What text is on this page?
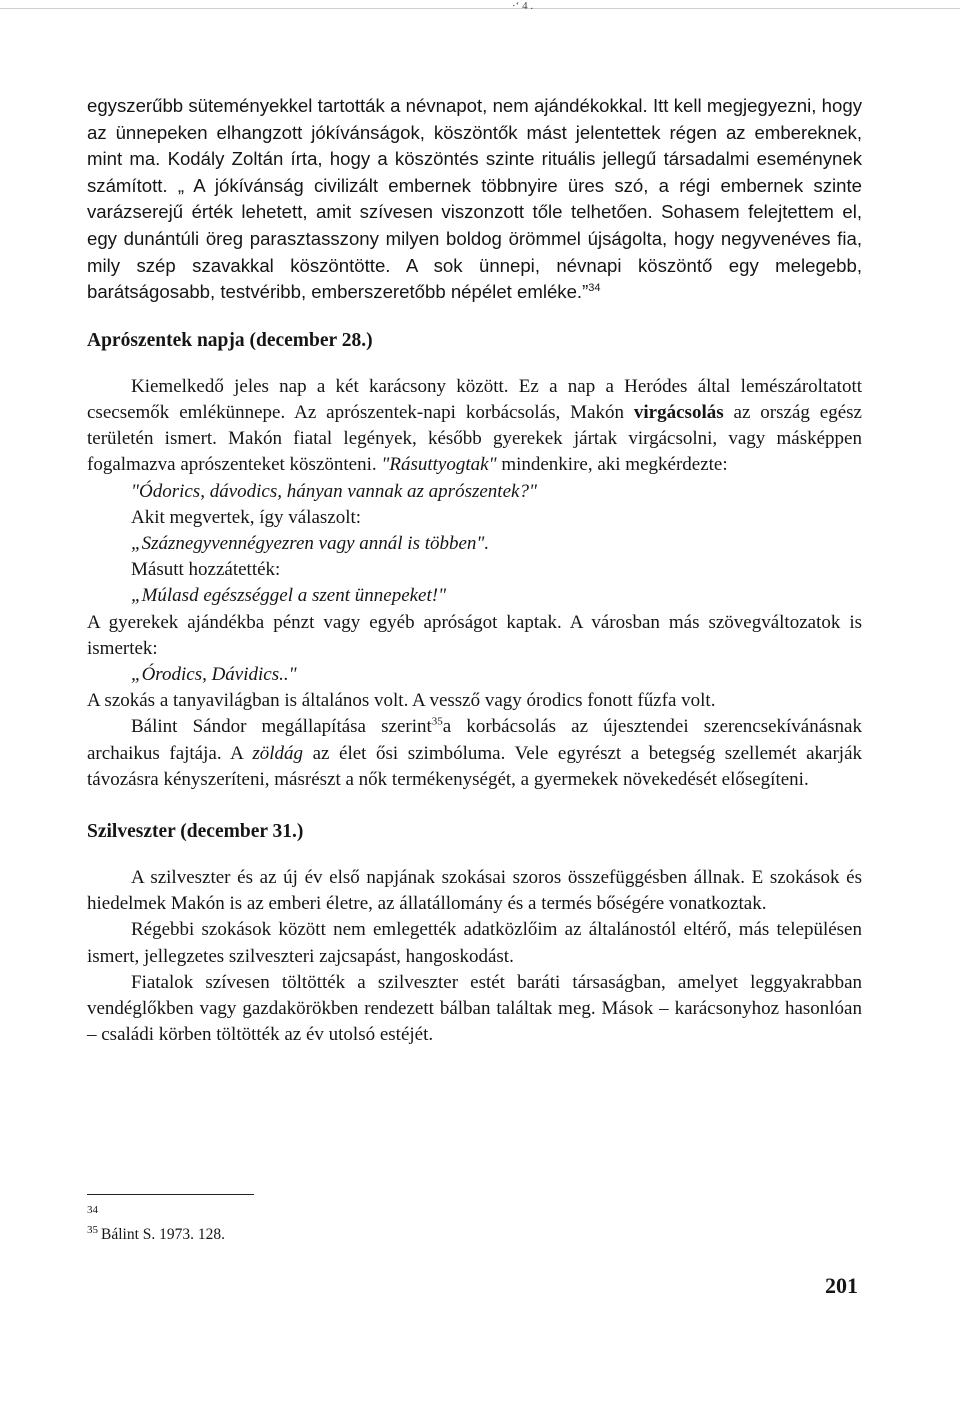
·‘ 4 .

egyszerűbb süteményekkel tartották a névnapot, nem ajándékokkal. Itt kell megjegyezni, hogy az ünnepeken elhangzott jókívánságok, köszöntők mást jelentettek régen az embereknek, mint ma. Kodály Zoltán írta, hogy a köszöntés szinte rituális jellegű társadalmi eseménynek számított. „ A jókívánság civilizált embernek többnyire üres szó, a régi embernek szinte varázserejű érték lehetett, amit szívesen viszonzott tőle telhetően. Sohasem felejtettem el, egy dunántúli öreg parasztasszony milyen boldog örömmel újságolta, hogy negyvenéves fia, mily szép szavakkal köszöntötte. A sok ünnepi, névnapi köszöntő egy melegebb, barátságosabb, testvéribb, emberszeretőbb népélet emléke.”$^{34}$

Aprószentek napja (december 28.)

Kiemelkedő jeles nap a két karácsony között. Ez a nap a Heródes által lemészároltatott csecsemők emlékünnepe. Az aprószentek-napi korbácsolás, Makón virgácsolás az ország egész területén ismert. Makón fiatal legények, később gyerekek jártak virgácsolni, vagy másképpen fogalmazva aprószenteket köszönteni. "Rásuttyogtak" mindenkire, aki megkérdezte:

"Ódorics, dávodics, hányan vannak az aprószentek?"

Akit megvertek, így válaszolt:

„Száznegyvennégyezren vagy annál is többen".

Másutt hozzátették:

„Múlasd egészséggel a szent ünnepeket!"

A gyerekek ajándékba pénzt vagy egyéb apróságot kaptak. A városban más szövegváltozatok is ismertek:

„Órodics, Dávidics.."

A szokás a tanyavilágban is általános volt. A vessző vagy órodics fonott fűzfa volt.

Bálint Sándor megállapítása szerint$^{35}$a korbácsolás az újesztendei szerencsekívánásnak archaikus fajtája. A zöldág az élet ősi szimbóluma. Vele egyrészt a betegség szellemét akarják távozásra kényszeríteni, másrészt a nők termékenységét, a gyermekek növekedését elősegíteni.

Szilveszter (december 31.)

A szilveszter és az új év első napjának szokásai szoros összefüggésben állnak. E szokások és hiedelmek Makón is az emberi életre, az állatállomány és a termés bőségére vonatkoztak.

Régebbi szokások között nem emlegették adatközlőim az általánostól eltérő, más településen ismert, jellegzetes szilveszteri zajcsapást, hangoskodást.

Fiatalok szívesen töltötték a szilveszter estét baráti társaságban, amelyet leggyakrabban vendéglőkben vagy gazdakörökben rendezett bálban találtak meg. Mások – karácsonyhoz hasonlóan – családi körben töltötték az év utolsó estéjét.

$^{34}$
$^{35}$ Bálint S. 1973. 128.
201
